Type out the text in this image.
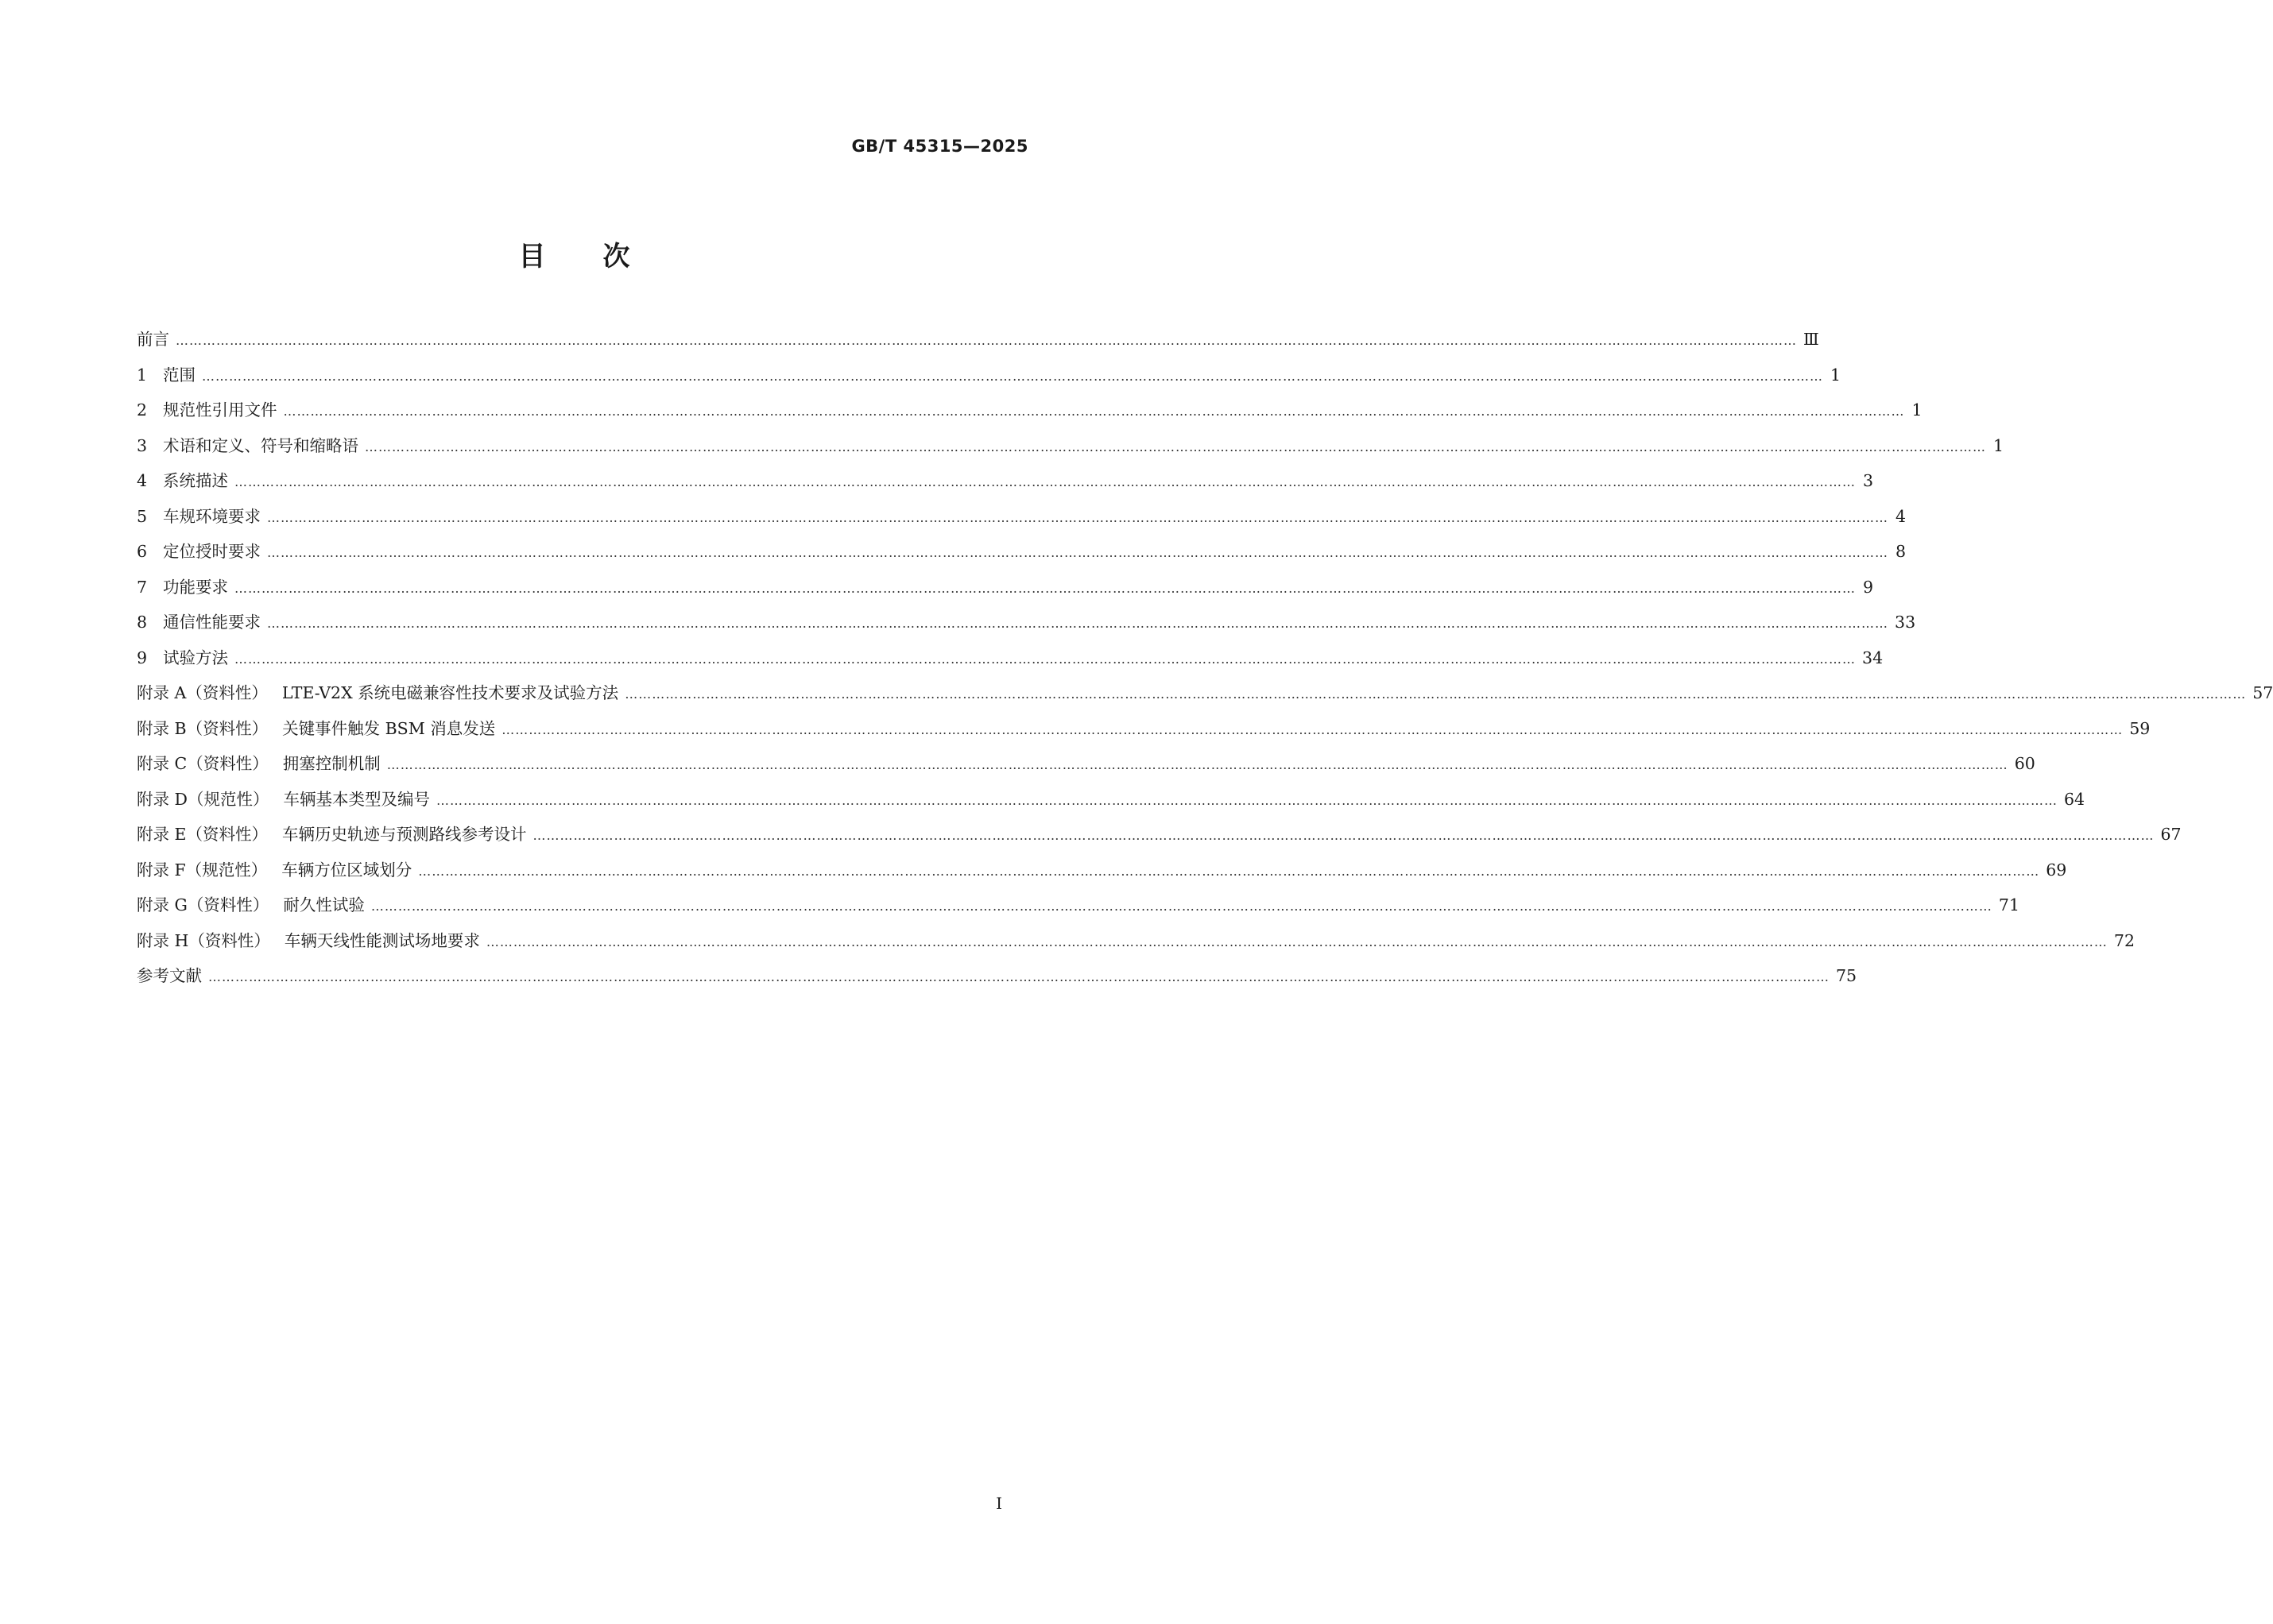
GB/T 45315—2025
目次
前言 ……………………………………………………………………………………………………………………………………………………………………………………………………………………………………………………………………………………………………………………………… Ⅲ
1 范围 ……………………………………………………………………………………………………………………………………………………………………………………………………………………………………………………………………………………………………………………………… 1
2 规范性引用文件 ……………………………………………………………………………………………………………………………………………………………………………………………………………………………………………………………………………………………………………………………… 1
3 术语和定义、符号和缩略语 ……………………………………………………………………………………………………………………………………………………………………………………………………………………………………………………………………………………………………………………………… 1
4 系统描述 ……………………………………………………………………………………………………………………………………………………………………………………………………………………………………………………………………………………………………………………………… 3
5 车规环境要求 ……………………………………………………………………………………………………………………………………………………………………………………………………………………………………………………………………………………………………………………………… 4
6 定位授时要求 ……………………………………………………………………………………………………………………………………………………………………………………………………………………………………………………………………………………………………………………………… 8
7 功能要求 ……………………………………………………………………………………………………………………………………………………………………………………………………………………………………………………………………………………………………………………………… 9
8 通信性能要求 ……………………………………………………………………………………………………………………………………………………………………………………………………………………………………………………………………………………………………………………………… 33
9 试验方法 ……………………………………………………………………………………………………………………………………………………………………………………………………………………………………………………………………………………………………………………………… 34
附录 A（资料性） LTE-V2X 系统电磁兼容性技术要求及试验方法 ……………………………………………………………………………………………………………………………………………………………………………………………………………………………………………………………………………………………………………………………… 57
附录 B（资料性） 关键事件触发 BSM 消息发送 ……………………………………………………………………………………………………………………………………………………………………………………………………………………………………………………………………………………………………………………………… 59
附录 C（资料性） 拥塞控制机制 ……………………………………………………………………………………………………………………………………………………………………………………………………………………………………………………………………………………………………………………………… 60
附录 D（规范性） 车辆基本类型及编号 ……………………………………………………………………………………………………………………………………………………………………………………………………………………………………………………………………………………………………………………………… 64
附录 E（资料性） 车辆历史轨迹与预测路线参考设计 ……………………………………………………………………………………………………………………………………………………………………………………………………………………………………………………………………………………………………………………………… 67
附录 F（规范性） 车辆方位区域划分 ……………………………………………………………………………………………………………………………………………………………………………………………………………………………………………………………………………………………………………………………… 69
附录 G（资料性） 耐久性试验 ……………………………………………………………………………………………………………………………………………………………………………………………………………………………………………………………………………………………………………………………… 71
附录 H（资料性） 车辆天线性能测试场地要求 ……………………………………………………………………………………………………………………………………………………………………………………………………………………………………………………………………………………………………………………………… 72
参考文献 ……………………………………………………………………………………………………………………………………………………………………………………………………………………………………………………………………………………………………………………………… 75
I
